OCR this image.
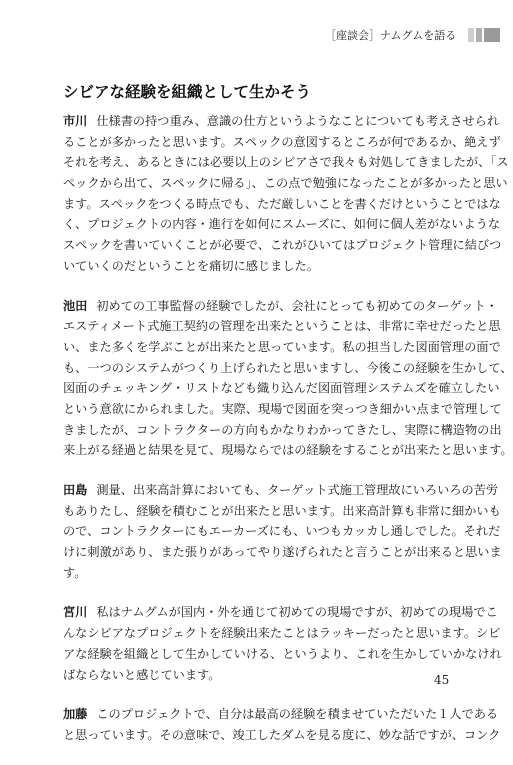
［座談会］ナムグムを語る
シビアな経験を組織として生かそう
市川 仕様書の持つ重み、意識の仕方というようなことについても考えさせられ
ることが多かったと思います。スペックの意図するところが何であるか、絶えず
それを考え、あるときには必要以上のシビアさで我々も対処してきましたが、「ス
ペックから出て、スペックに帰る」、この点で勉強になったことが多かったと思い
ます。スペックをつくる時点でも、ただ厳しいことを書くだけということではな
く、プロジェクトの内容・進行を如何にスムーズに、如何に個人差がないような
スペックを書いていくことが必要で、これがひいてはプロジェクト管理に結びつ
いていくのだということを痛切に感じました。
池田 初めての工事監督の経験でしたが、会社にとっても初めてのターゲット・
エスティメート式施工契約の管理を出来たということは、非常に幸せだったと思
い、また多くを学ぶことが出来たと思っています。私の担当した図面管理の面で
も、一つのシステムがつくり上げられたと思いますし、今後この経験を生かして、
図面のチェッキング・リストなども織り込んだ図面管理システムズを確立したい
という意欲にかられました。実際、現場で図面を突っつき細かい点まで管理して
きましたが、コントラクターの方向もかなりわかってきたし、実際に構造物の出
来上がる経過と結果を見て、現場ならではの経験をすることが出来たと思います。
田島 測量、出来高計算においても、ターゲット式施工管理故にいろいろの苦労
もありたし、経験を積むことが出来たと思います。出来高計算も非常に細かいも
ので、コントラクターにもエーカーズにも、いつもカッカし通しでした。それだ
けに刺激があり、また張りがあってやり遂げられたと言うことが出来ると思いま
す。
宮川 私はナムグムが国内・外を通じて初めての現場ですが、初めての現場でこ
んなシビアなプロジェクトを経験出来たことはラッキーだったと思います。シビ
アな経験を組織として生かしていける、というより、これを生かしていかなけれ
ばならないと感じています。
加藤 このプロジェクトで、自分は最高の経験を積ませていただいた１人である
と思っています。その意味で、竣工したダムを見る度に、妙な話ですが、コンク
45
